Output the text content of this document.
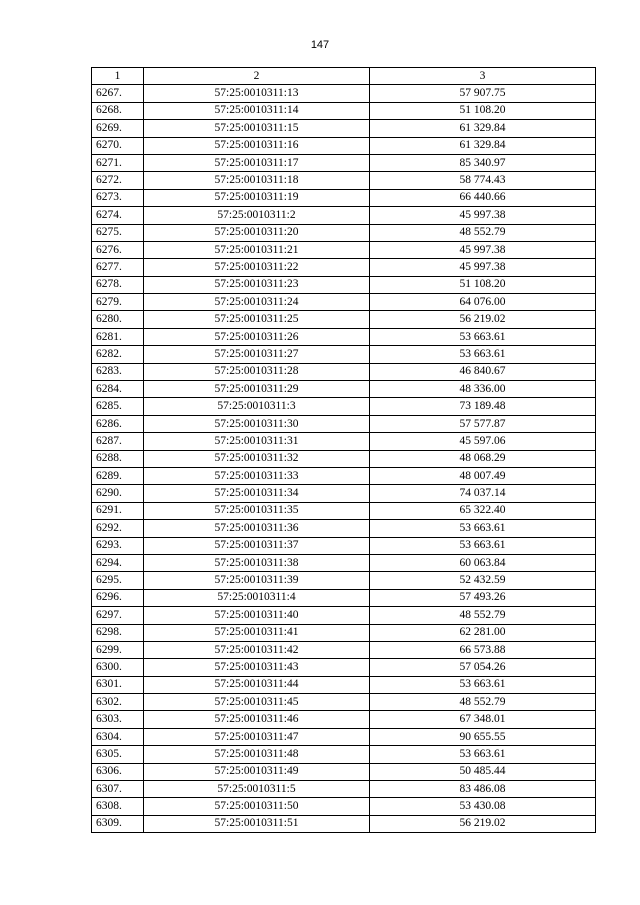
147
1	2	3
6267.	57:25:0010311:13	57 907.75
6268.	57:25:0010311:14	51 108.20
6269.	57:25:0010311:15	61 329.84
6270.	57:25:0010311:16	61 329.84
6271.	57:25:0010311:17	85 340.97
6272.	57:25:0010311:18	58 774.43
6273.	57:25:0010311:19	66 440.66
6274.	57:25:0010311:2	45 997.38
6275.	57:25:0010311:20	48 552.79
6276.	57:25:0010311:21	45 997.38
6277.	57:25:0010311:22	45 997.38
6278.	57:25:0010311:23	51 108.20
6279.	57:25:0010311:24	64 076.00
6280.	57:25:0010311:25	56 219.02
6281.	57:25:0010311:26	53 663.61
6282.	57:25:0010311:27	53 663.61
6283.	57:25:0010311:28	46 840.67
6284.	57:25:0010311:29	48 336.00
6285.	57:25:0010311:3	73 189.48
6286.	57:25:0010311:30	57 577.87
6287.	57:25:0010311:31	45 597.06
6288.	57:25:0010311:32	48 068.29
6289.	57:25:0010311:33	48 007.49
6290.	57:25:0010311:34	74 037.14
6291.	57:25:0010311:35	65 322.40
6292.	57:25:0010311:36	53 663.61
6293.	57:25:0010311:37	53 663.61
6294.	57:25:0010311:38	60 063.84
6295.	57:25:0010311:39	52 432.59
6296.	57:25:0010311:4	57 493.26
6297.	57:25:0010311:40	48 552.79
6298.	57:25:0010311:41	62 281.00
6299.	57:25:0010311:42	66 573.88
6300.	57:25:0010311:43	57 054.26
6301.	57:25:0010311:44	53 663.61
6302.	57:25:0010311:45	48 552.79
6303.	57:25:0010311:46	67 348.01
6304.	57:25:0010311:47	90 655.55
6305.	57:25:0010311:48	53 663.61
6306.	57:25:0010311:49	50 485.44
6307.	57:25:0010311:5	83 486.08
6308.	57:25:0010311:50	53 430.08
6309.	57:25:0010311:51	56 219.02
